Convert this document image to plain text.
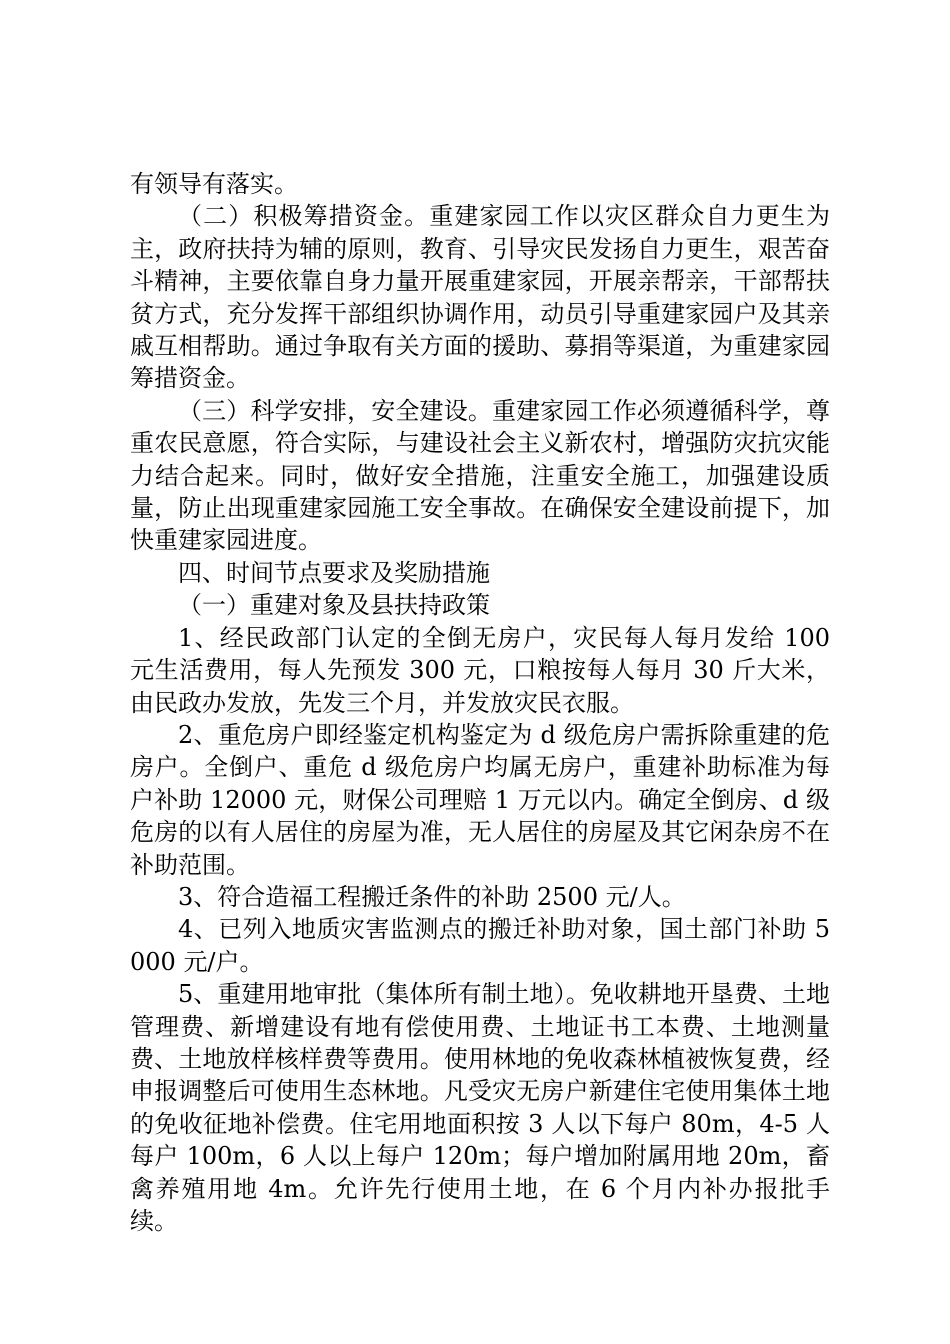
有领导有落实。

（二）积极筹措资金。重建家园工作以灾区群众自力更生为主，政府扶持为辅的原则，教育、引导灾民发扬自力更生，艰苦奋斗精神，主要依靠自身力量开展重建家园，开展亲帮亲，干部帮扶贫方式，充分发挥干部组织协调作用，动员引导重建家园户及其亲戚互相帮助。通过争取有关方面的援助、募捐等渠道，为重建家园筹措资金。

（三）科学安排，安全建设。重建家园工作必须遵循科学，尊重农民意愿，符合实际，与建设社会主义新农村，增强防灾抗灾能力结合起来。同时，做好安全措施，注重安全施工，加强建设质量，防止出现重建家园施工安全事故。在确保安全建设前提下，加快重建家园进度。

四、时间节点要求及奖励措施

（一）重建对象及县扶持政策

1、经民政部门认定的全倒无房户，灾民每人每月发给 100 元生活费用，每人先预发 300 元，口粮按每人每月 30 斤大米，由民政办发放，先发三个月，并发放灾民衣服。

2、重危房户即经鉴定机构鉴定为 d 级危房户需拆除重建的危房户。全倒户、重危 d 级危房户均属无房户，重建补助标准为每户补助 12000 元，财保公司理赔 1 万元以内。确定全倒房、d 级危房的以有人居住的房屋为准，无人居住的房屋及其它闲杂房不在补助范围。

3、符合造福工程搬迁条件的补助 2500 元/人。

4、已列入地质灾害监测点的搬迁补助对象，国土部门补助 5000 元/户。

5、重建用地审批（集体所有制土地）。免收耕地开垦费、土地管理费、新增建设有地有偿使用费、土地证书工本费、土地测量费、土地放样核样费等费用。使用林地的免收森林植被恢复费，经申报调整后可使用生态林地。凡受灾无房户新建住宅使用集体土地的免收征地补偿费。住宅用地面积按 3 人以下每户 80m，4-5 人每户 100m，6 人以上每户 120m；每户增加附属用地 20m，畜禽养殖用地 4m。允许先行使用土地，在 6 个月内补办报批手续。
